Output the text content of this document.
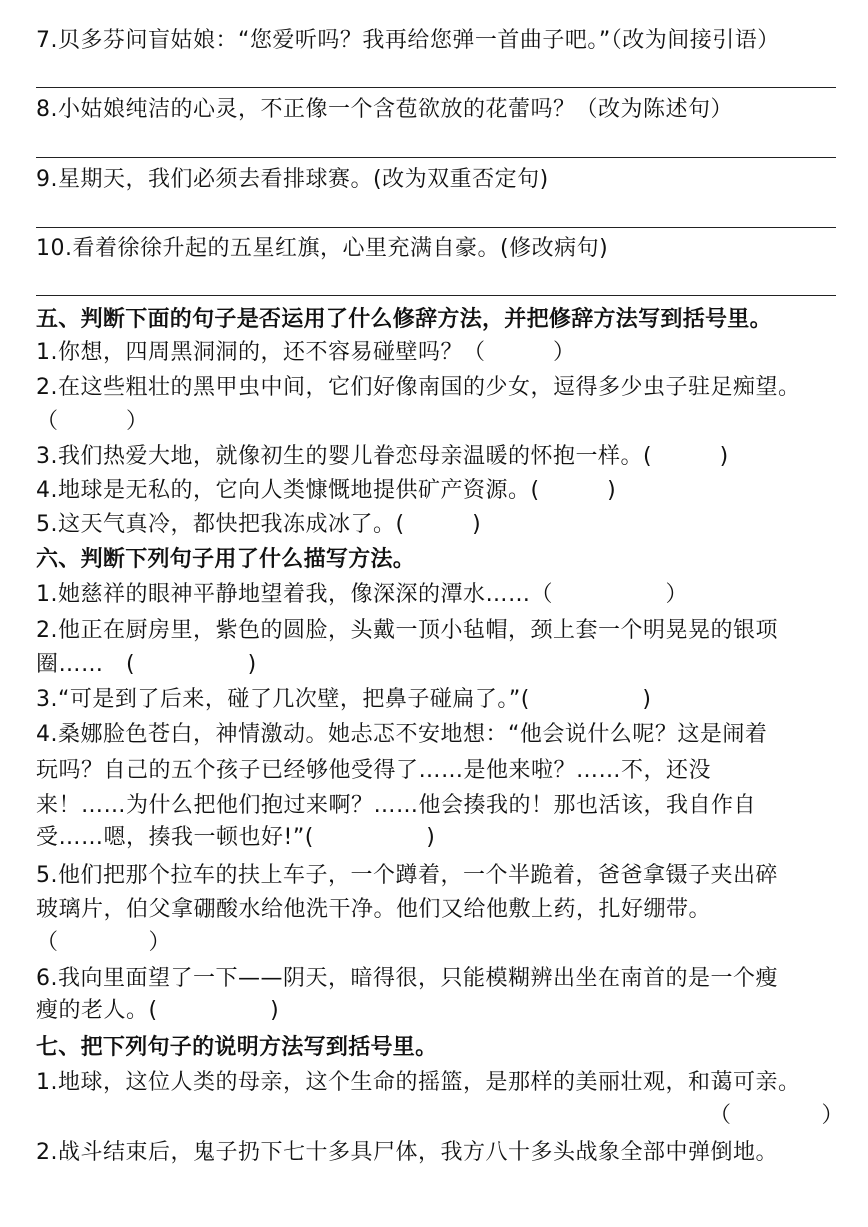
7.贝多芬问盲姑娘：“您爱听吗？我再给您弹一首曲子吧。”（改为间接引语）
8.小姑娘纯洁的心灵，不正像一个含苞欲放的花蕾吗？（改为陈述句）
9.星期天，我们必须去看排球赛。(改为双重否定句)
10.看着徐徐升起的五星红旗，心里充满自豪。(修改病句)
五、判断下面的句子是否运用了什么修辞方法，并把修辞方法写到括号里。
1.你想，四周黑洞洞的，还不容易碰壁吗？（　　　）
2.在这些粗壮的黑甲虫中间，它们好像南国的少女，逗得多少虫子驻足痴望。
（　　　）
3.我们热爱大地，就像初生的婴儿眷恋母亲温暖的怀抱一样。(　　　)
4.地球是无私的，它向人类慷慨地提供矿产资源。(　　　)
5.这天气真冷，都快把我冻成冰了。(　　　)
六、判断下列句子用了什么描写方法。
1.她慈祥的眼神平静地望着我，像深深的潭水……（　　　　　）
2.他正在厨房里，紫色的圆脸，头戴一顶小毡帽，颈上套一个明晃晃的银项
圈……　(　　　　　)
3.“可是到了后来，碰了几次壁，把鼻子碰扁了。”(　　　　　)
4.桑娜脸色苍白，神情激动。她忐忑不安地想：“他会说什么呢？这是闹着
玩吗？自己的五个孩子已经够他受得了……是他来啦？……不，还没
来！……为什么把他们抱过来啊？……他会揍我的！那也活该，我自作自
受……嗯，揍我一顿也好!”(　　　　　)
5.他们把那个拉车的扶上车子，一个蹲着，一个半跪着，爸爸拿镊子夹出碎
玻璃片，伯父拿硼酸水给他洗干净。他们又给他敷上药，扎好绷带。
（　　　　）
6.我向里面望了一下——阴天，暗得很，只能模糊辨出坐在南首的是一个瘦
瘦的老人。(　　　　　)
七、把下列句子的说明方法写到括号里。
1.地球，这位人类的母亲，这个生命的摇篮，是那样的美丽壮观，和蔼可亲。
（　　　　）
2.战斗结束后，鬼子扔下七十多具尸体，我方八十多头战象全部中弹倒地。
